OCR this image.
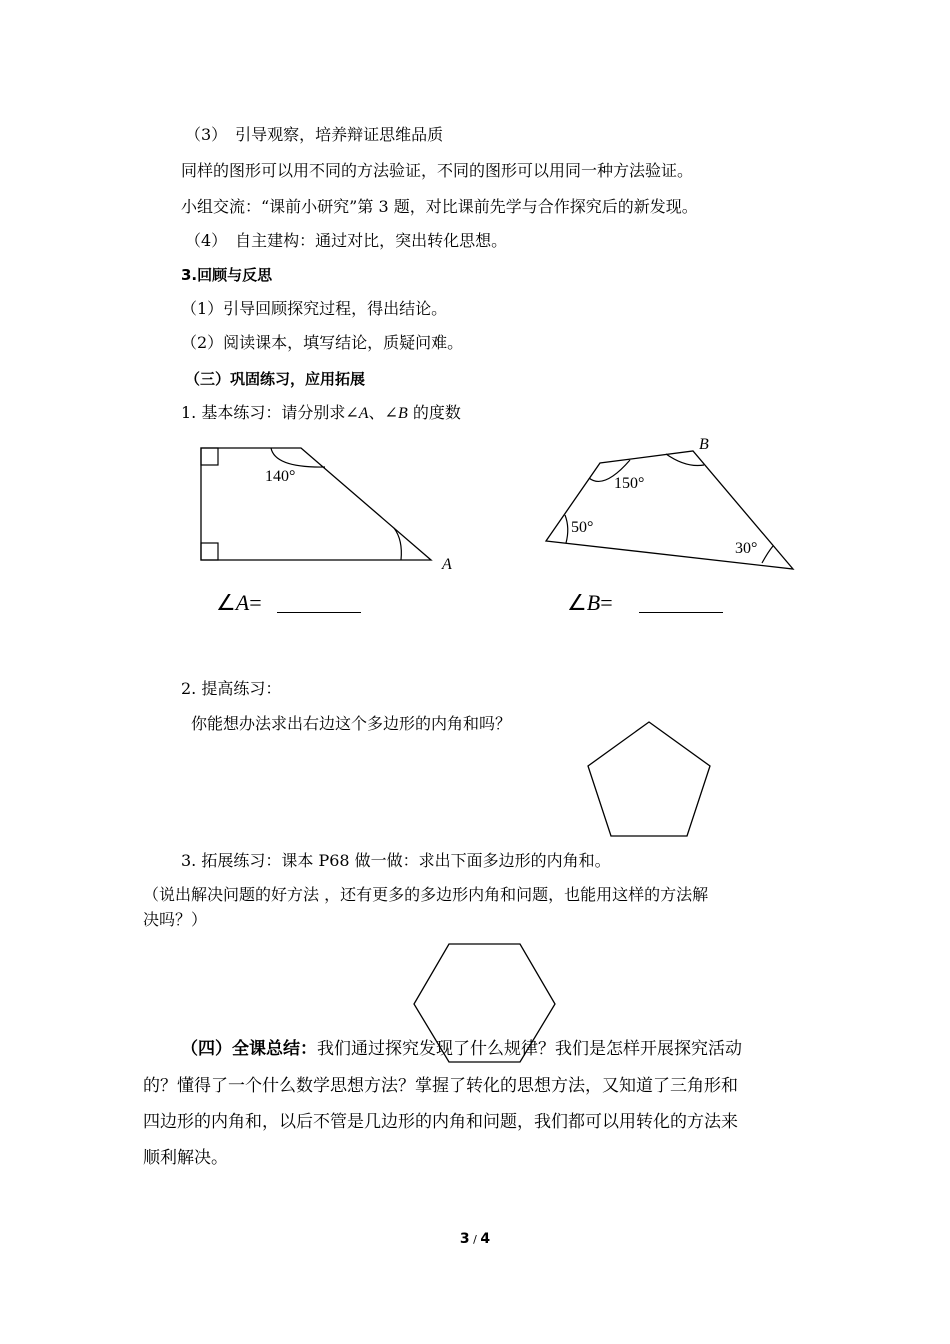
（3）　引导观察，培养辩证思维品质
同样的图形可以用不同的方法验证，不同的图形可以用同一种方法验证。
小组交流：“课前小研究”第 3 题，对比课前先学与合作探究后的新发现。
（4）　自主建构：通过对比，突出转化思想。
3.回顾与反思
（1）引导回顾探究过程，得出结论。
（2）阅读课本，填写结论，质疑问难。
（三）巩固练习，应用拓展
1. 基本练习：请分别求∠A、∠B 的度数
140°
A
B
150°
50°
30°
∠A=	∠B=
2. 提高练习：
你能想办法求出右边这个多边形的内角和吗？
3. 拓展练习：课本 P68 做一做：求出下面多边形的内角和。
（说出解决问题的好方法 ，还有更多的多边形内角和问题，也能用这样的方法解
决吗？）
（四）全课总结：我们通过探究发现了什么规律？我们是怎样开展探究活动
的？懂得了一个什么数学思想方法？掌握了转化的思想方法，又知道了三角形和
四边形的内角和，以后不管是几边形的内角和问题，我们都可以用转化的方法来
顺利解决。
3 / 4
